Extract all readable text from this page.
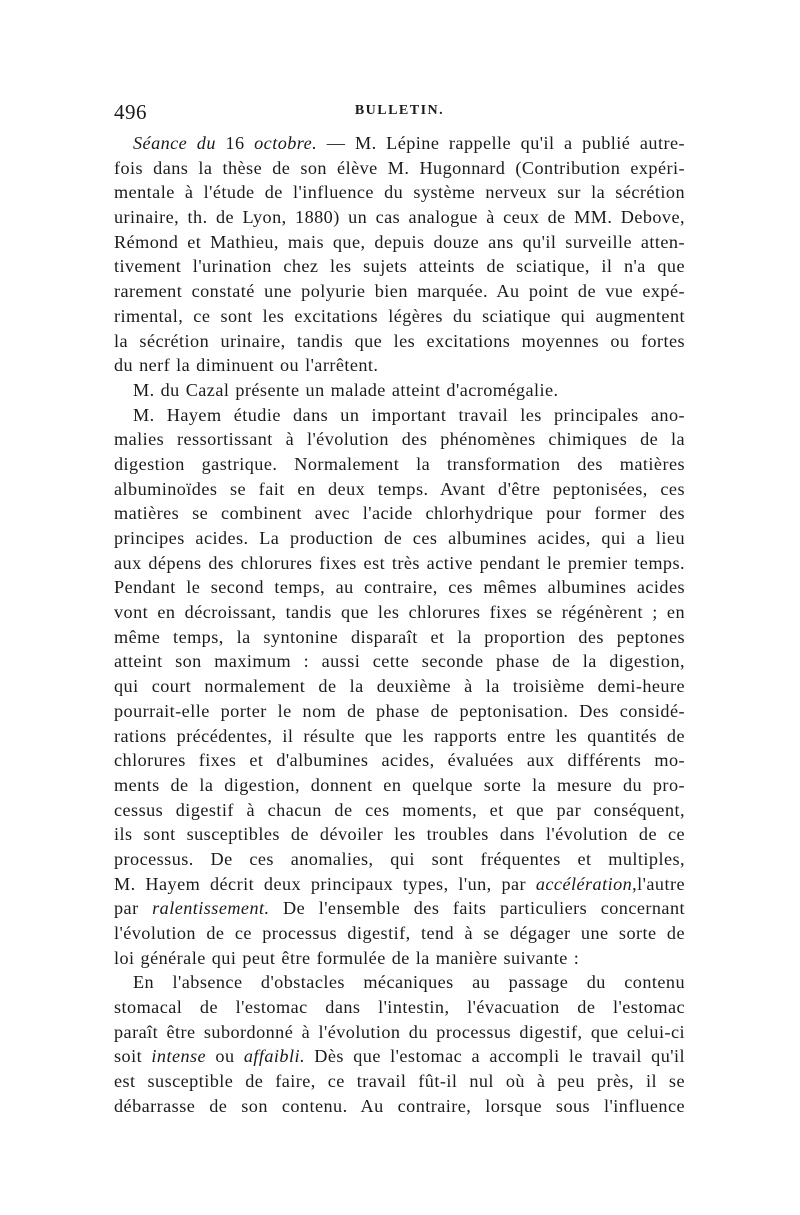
496	BULLETIN.
Séance du 16 octobre. — M. Lépine rappelle qu'il a publié autre-
fois dans la thèse de son élève M. Hugonnard (Contribution expéri-
mentale à l'étude de l'influence du système nerveux sur la sécrétion
urinaire, th. de Lyon, 1880) un cas analogue à ceux de MM. Debove,
Rémond et Mathieu, mais que, depuis douze ans qu'il surveille atten-
tivement l'urination chez les sujets atteints de sciatique, il n'a que
rarement constaté une polyurie bien marquée. Au point de vue expé-
rimental, ce sont les excitations légères du sciatique qui augmentent
la sécrétion urinaire, tandis que les excitations moyennes ou fortes
du nerf la diminuent ou l'arrêtent.
M. du Cazal présente un malade atteint d'acromégalie.
M. Hayem étudie dans un important travail les principales ano-
malies ressortissant à l'évolution des phénomènes chimiques de la
digestion gastrique. Normalement la transformation des matières
albuminoïdes se fait en deux temps. Avant d'être peptonisées, ces
matières se combinent avec l'acide chlorhydrique pour former des
principes acides. La production de ces albumines acides, qui a lieu
aux dépens des chlorures fixes est très active pendant le premier temps.
Pendant le second temps, au contraire, ces mêmes albumines acides
vont en décroissant, tandis que les chlorures fixes se régénèrent ; en
même temps, la syntonine disparaît et la proportion des peptones
atteint son maximum : aussi cette seconde phase de la digestion,
qui court normalement de la deuxième à la troisième demi-heure
pourrait-elle porter le nom de phase de peptonisation. Des considé-
rations précédentes, il résulte que les rapports entre les quantités de
chlorures fixes et d'albumines acides, évaluées aux différents mo-
ments de la digestion, donnent en quelque sorte la mesure du pro-
cessus digestif à chacun de ces moments, et que par conséquent,
ils sont susceptibles de dévoiler les troubles dans l'évolution de ce
processus. De ces anomalies, qui sont fréquentes et multiples,
M. Hayem décrit deux principaux types, l'un, par accélération,l'autre
par ralentissement. De l'ensemble des faits particuliers concernant
l'évolution de ce processus digestif, tend à se dégager une sorte de
loi générale qui peut être formulée de la manière suivante :
En l'absence d'obstacles mécaniques au passage du contenu
stomacal de l'estomac dans l'intestin, l'évacuation de l'estomac
paraît être subordonné à l'évolution du processus digestif, que celui-ci
soit intense ou affaibli. Dès que l'estomac a accompli le travail qu'il
est susceptible de faire, ce travail fût-il nul où à peu près, il se
débarrasse de son contenu. Au contraire, lorsque sous l'influence
